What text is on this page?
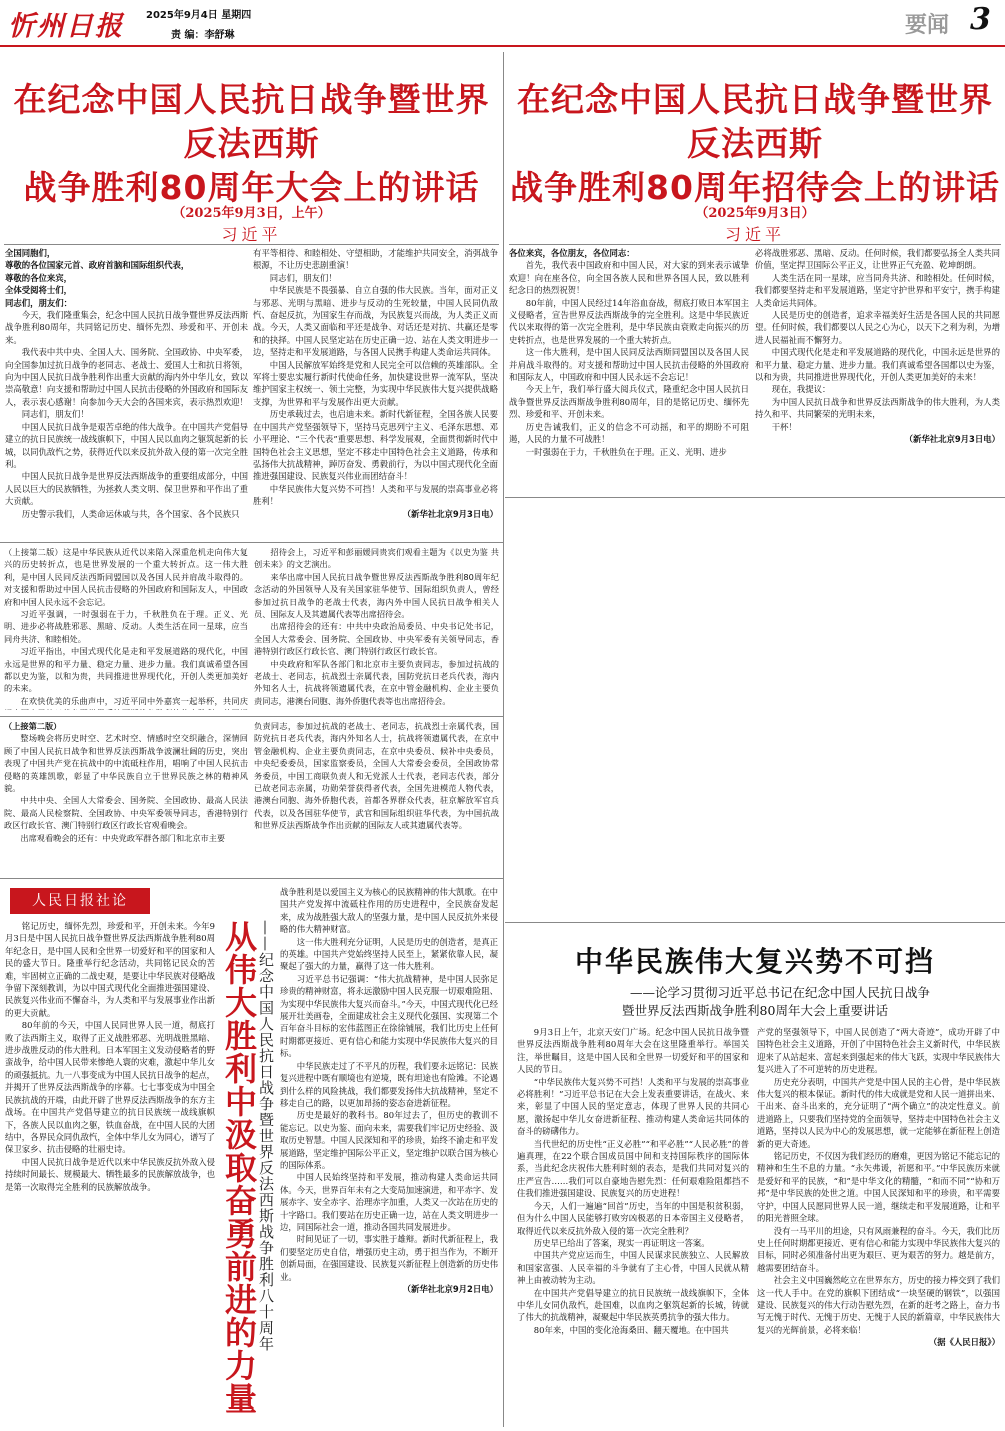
忻州日报 2025年9月4日 星期四
责 编：李舒琳	要闻 3
在纪念中国人民抗日战争暨世界反法西斯
战争胜利80周年大会上的讲话
（2025年9月3日，上午）
习近平

全国同胞们，

尊敬的各位国家元首、政府首脑和国际组织代表，

尊敬的各位来宾，

全体受阅将士们，

同志们，朋友们：

今天，我们隆重集会，纪念中国人民抗日战争暨世界反法西斯战争胜利80周年，共同铭记历史、缅怀先烈、珍爱和平、开创未来。

我代表中共中央、全国人大、国务院、全国政协、中央军委，向全国参加过抗日战争的老同志、老战士、爱国人士和抗日将领，向为中国人民抗日战争胜利作出重大贡献的海内外中华儿女，致以崇高敬意！向支援和帮助过中国人民抗击侵略的外国政府和国际友人，表示衷心感谢！向参加今天大会的各国来宾，表示热烈欢迎！

同志们，朋友们！

中国人民抗日战争是艰苦卓绝的伟大战争。在中国共产党倡导建立的抗日民族统一战线旗帜下，中国人民以血肉之躯筑起新的长城，以同仇敌忾之势，获得近代以来反抗外敌入侵的第一次完全胜利。

中国人民抗日战争是世界反法西斯战争的重要组成部分，中国人民以巨大的民族牺牲，为拯救人类文明、保卫世界和平作出了重大贡献。

历史警示我们，人类命运休戚与共，各个国家、各个民族只

有平等相待、和睦相处、守望相助，才能维护共同安全，消弭战争根源，不让历史悲剧重演！

同志们，朋友们！

中华民族是不畏强暴、自立自强的伟大民族。当年，面对正义与邪恶、光明与黑暗、进步与反动的生死较量，中国人民同仇敌忾、奋起反抗，为国家生存而战，为民族复兴而战，为人类正义而战。今天，人类又面临和平还是战争、对话还是对抗、共赢还是零和的抉择。中国人民坚定站在历史正确一边、站在人类文明进步一边，坚持走和平发展道路，与各国人民携手构建人类命运共同体。

中国人民解放军始终是党和人民完全可以信赖的英雄部队。全军将士要忠实履行新时代使命任务，加快建设世界一流军队，坚决维护国家主权统一、领土完整，为实现中华民族伟大复兴提供战略支撑，为世界和平与发展作出更大贡献。

历史承载过去，也启迪未来。新时代新征程，全国各族人民要在中国共产党坚强领导下，坚持马克思列宁主义、毛泽东思想、邓小平理论、“三个代表”重要思想、科学发展观，全面贯彻新时代中国特色社会主义思想，坚定不移走中国特色社会主义道路，传承和弘扬伟大抗战精神，踔厉奋发、勇毅前行，为以中国式现代化全面推进强国建设、民族复兴伟业而团结奋斗！

中华民族伟大复兴势不可挡！人类和平与发展的崇高事业必将胜利！

（新华社北京9月3日电）

在纪念中国人民抗日战争暨世界反法西斯
战争胜利80周年招待会上的讲话
（2025年9月3日）
习近平

各位来宾，各位朋友，各位同志：

首先，我代表中国政府和中国人民，对大家的到来表示诚挚欢迎！向在座各位，向全国各族人民和世界各国人民，致以胜利纪念日的热烈祝贺！

80年前，中国人民经过14年浴血奋战，彻底打败日本军国主义侵略者，宣告世界反法西斯战争的完全胜利。这是中华民族近代以来取得的第一次完全胜利，是中华民族由衰败走向振兴的历史转折点，也是世界发展的一个重大转折点。

这一伟大胜利，是中国人民同反法西斯同盟国以及各国人民并肩战斗取得的。对支援和帮助过中国人民抗击侵略的外国政府和国际友人，中国政府和中国人民永远不会忘记！

今天上午，我们举行盛大阅兵仪式，隆重纪念中国人民抗日战争暨世界反法西斯战争胜利80周年，目的是铭记历史、缅怀先烈、珍爱和平、开创未来。

历史告诫我们，正义的信念不可动摇，和平的期盼不可阻遏，人民的力量不可战胜！

一时强弱在于力，千秋胜负在于理。正义、光明、进步

必将战胜邪恶、黑暗、反动。任何时候，我们都要弘扬全人类共同价值，坚定捍卫国际公平正义，让世界正气充盈、乾坤朗朗。

人类生活在同一星球，应当同舟共济、和睦相处。任何时候，我们都要坚持走和平发展道路，坚定守护世界和平安宁，携手构建人类命运共同体。

人民是历史的创造者，追求幸福美好生活是各国人民的共同愿望。任何时候，我们都要以人民之心为心，以天下之利为利，为增进人民福祉而不懈努力。

中国式现代化是走和平发展道路的现代化，中国永远是世界的和平力量、稳定力量、进步力量。我们真诚希望各国都以史为鉴，以和为贵，共同推进世界现代化，开创人类更加美好的未来！

现在，我提议：

为中国人民抗日战争和世界反法西斯战争的伟大胜利，为人类持久和平、共同繁荣的光明未来，

干杯！

（新华社北京9月3日电）

（上接第二版）这是中华民族从近代以来陷入深重危机走向伟大复兴的历史转折点，也是世界发展的一个重大转折点。这一伟大胜利，是中国人民同反法西斯同盟国以及各国人民并肩战斗取得的。对支援和帮助过中国人民抗击侵略的外国政府和国际友人，中国政府和中国人民永远不会忘记。

习近平强调，一时强弱在于力，千秋胜负在于理。正义、光明、进步必将战胜邪恶、黑暗、反动。人类生活在同一星球，应当同舟共济、和睦相处。

习近平指出，中国式现代化是走和平发展道路的现代化，中国永远是世界的和平力量、稳定力量、进步力量。我们真诚希望各国都以史为鉴，以和为贵，共同推进世界现代化，开创人类更加美好的未来。

在欢快优美的乐曲声中，习近平同中外嘉宾一起举杯，共同庆

招待会上，习近平和彭丽媛同贵宾们观看主题为《以史为鉴 共创未来》的文艺演出。

来华出席中国人民抗日战争暨世界反法西斯战争胜利80周年纪念活动的外国领导人及有关国家驻华使节、国际组织负责人，曾经参加过抗日战争的老战士代表，海内外中国人民抗日战争相关人员、国际友人及其遗属代表等出席招待会。

出席招待会的还有：中共中央政治局委员、中央书记处书记，全国人大常委会、国务院、全国政协、中央军委有关领导同志，香港特别行政区行政长官、澳门特别行政区行政长官。

中央政府和军队各部门和北京市主要负责同志，参加过抗战的老战士、老同志，抗战烈士亲属代表，国防党抗日老兵代表，海内外知名人士，抗战将领遗属代表，在京中管金融机构、企业主要负责同志，港澳台同胞、海外侨胞代表等也出席招待会。

（上接第二版）

整场晚会将历史时空、艺术时空、情感时空交织融合，深情回顾了中国人民抗日战争和世界反法西斯战争波澜壮阔的历史，突出表现了中国共产党在抗战中的中流砥柱作用，唱响了中国人民抗击侵略的英雄凯歌，彰显了中华民族自立于世界民族之林的精神风貌。

中共中央、全国人大常委会、国务院、全国政协、最高人民法院、最高人民检察院、全国政协、中央军委领导同志，香港特别行政区行政长官、澳门特别行政区行政长官观看晚会。

出席观看晚会的还有：中央党政军群各部门和北京市主要

负责同志，参加过抗战的老战士、老同志，抗战烈士亲属代表，国防党抗日老兵代表，海内外知名人士，抗战将领遗属代表，在京中管金融机构、企业主要负责同志，在京中央委员、候补中央委员，中央纪委委员，国家监察委员，全国人大常委会委员，全国政协常务委员，中国工商联负责人和无党派人士代表，老同志代表，部分已故老同志亲属，功勋荣誉获得者代表，全国先进模范人物代表，港澳台同胞、海外侨胞代表，首都各界群众代表，驻京解放军官兵代表，以及各国驻华使节，武官和国际组织驻华代表，为中国抗战和世界反法西斯战争作出贡献的国际友人或其遗属代表等。

人民日报社论

铭记历史，缅怀先烈，珍爱和平，开创未来。今年9月3日是中国人民抗日战争暨世界反法西斯战争胜利80周年纪念日，是中国人民和全世界一切爱好和平的国家和人民的盛大节日。隆重举行纪念活动，共同铭记民众的苦难，牢固树立正确的二战史观，是要让中华民族对侵略战争留下深刻教训，为以中国式现代化全面推进强国建设、民族复兴伟业而不懈奋斗，为人类和平与发展事业作出新的更大贡献。

80年前的今天，中国人民同世界人民一道，彻底打败了法西斯主义，取得了正义战胜邪恶、光明战胜黑暗、进步战胜反动的伟大胜利。日本军国主义发动侵略者的野蛮战争，给中国人民带来惨绝人寰的灾难，激起中华儿女的顽强抵抗。九一八事变成为中国人民抗日战争的起点，并揭开了世界反法西斯战争的序幕。七七事变成为中国全民族抗战的开端，由此开辟了世界反法西斯战争的东方主战场。在中国共产党倡导建立的抗日民族统一战线旗帜下，各族人民以血肉之躯，铁血奋战，在中国人民的大团结中，各界民众同仇敌忾，全体中华儿女为同心，谱写了保卫家乡、抗击侵略的壮丽史诗。

中国人民抗日战争是近代以来中华民族反抗外敌入侵持续时间最长、规模最大、牺牲最多的民族解放战争，也是第一次取得完全胜利的民族解放战争。	从伟大胜利中汲取奋勇前进的力量 ——纪念中国人民抗日战争暨世界反法西斯战争胜利八十周年

战争胜利是以爱国主义为核心的民族精神的伟大凯歌。在中国共产党发挥中流砥柱作用的历史进程中，全民族奋发起来，成为战胜强大敌人的坚强力量，是中国人民反抗外来侵略的伟大精神财富。

这一伟大胜利充分证明，人民是历史的创造者，是真正的英雄。中国共产党始终坚持人民至上，紧紧依靠人民，凝聚起了强大的力量，赢得了这一伟大胜利。

习近平总书记强调：“伟大抗战精神，是中国人民弥足珍贵的精神财富，将永远激励中国人民克服一切艰难险阻、为实现中华民族伟大复兴而奋斗。”今天，中国式现代化已经展开壮美画卷，全面建成社会主义现代化强国、实现第二个百年奋斗目标的宏伟蓝图正在徐徐铺展，我们比历史上任何时期都更接近、更有信心和能力实现中华民族伟大复兴的目标。

中华民族走过了不平凡的历程，我们要永远铭记：民族复兴进程中既有顺境也有逆境，既有坦途也有险滩。不论遇到什么样的风险挑战，我们都要发扬伟大抗战精神，坚定不移走自己的路，以更加昂扬的姿态奋进新征程。

历史是最好的教科书。80年过去了，但历史的教训不能忘记。以史为鉴、面向未来，需要我们牢记历史经验、汲取历史智慧。中国人民深知和平的珍贵，始终不渝走和平发展道路，坚定维护国际公平正义，坚定维护以联合国为核心的国际体系。

中国人民始终坚持和平发展，推动构建人类命运共同体。今天，世界百年未有之大变局加速演进，和平赤字、发展赤字、安全赤字、治理赤字加重，人类又一次站在历史的十字路口。我们要站在历史正确一边，站在人类文明进步一边，同国际社会一道，推动各国共同发展进步。

时间见证了一切，事实胜于雄辩。新时代新征程上，我们要坚定历史自信，增强历史主动，勇于担当作为，不断开创新局面，在强国建设、民族复兴新征程上创造新的历史伟业。

（新华社北京9月2日电）

中华民族伟大复兴势不可挡
——论学习贯彻习近平总书记在纪念中国人民抗日战争
暨世界反法西斯战争胜利80周年大会上重要讲话

9月3日上午，北京天安门广场。纪念中国人民抗日战争暨世界反法西斯战争胜利80周年大会在这里隆重举行。举国关注，举世瞩目，这是中国人民和全世界一切爱好和平的国家和人民的节日。

“中华民族伟大复兴势不可挡！人类和平与发展的崇高事业必将胜利！”习近平总书记在大会上发表重要讲话，在战火、来来，彰显了中国人民的坚定意志，体现了世界人民的共同心愿，激扬起中华儿女奋进新征程、推动构建人类命运共同体的奋斗的磅礴伟力。

当代世纪的历史性“正义必胜”“和平必胜”“人民必胜”的普遍真理，在22个联合国成员国中间和支持国际秩序的国际体系，当此纪念庆祝伟大胜利时刻的表态，是我们共同对复兴的庄严宣告……我们可以自豪地告慰先烈：任何艰难险阻都挡不住我们推进强国建设、民族复兴的历史进程！

今天，人们一遍遍“回首”历史，当年的中国是积贫积弱，但为什么中国人民能够打败穷凶极恶的日本帝国主义侵略者，取得近代以来反抗外敌入侵的第一次完全胜利？

历史早已给出了答案，现实一再证明这一答案。

中国共产党应运而生，中国人民谋求民族独立、人民解放和国家富强、人民幸福的斗争就有了主心骨，中国人民就从精神上由被动转为主动。

在中国共产党倡导建立的抗日民族统一战线旗帜下，全体中华儿女同仇敌忾，赴国难，以血肉之躯筑起新的长城，铸就了伟大的抗战精神，凝聚起中华民族英勇抗争的强大伟力。

80年来，中国的变化沧海桑田、翻天覆地。在中国共

产党的坚强领导下，中国人民创造了“两大奇迹”，成功开辟了中国特色社会主义道路，开创了中国特色社会主义新时代，中华民族迎来了从站起来、富起来到强起来的伟大飞跃，实现中华民族伟大复兴进入了不可逆转的历史进程。

历史充分表明，中国共产党是中国人民的主心骨，是中华民族伟大复兴的根本保证。新时代的伟大成就是党和人民一道拼出来、干出来、奋斗出来的，充分证明了“两个确立”的决定性意义。前进道路上，只要我们坚持党的全面领导，坚持走中国特色社会主义道路，坚持以人民为中心的发展思想，就一定能够在新征程上创造新的更大奇迹。

铭记历史，不仅因为我们经历的磨难，更因为铭记不能忘记的精神和生生不息的力量。“永矢弗谖，祈愿和平。”中华民族历来就是爱好和平的民族，“和”是中华文化的精髓，“和而不同”“协和万邦”是中华民族的处世之道。中国人民深知和平的珍贵，和平需要守护，中国人民愿同世界人民一道，继续走和平发展道路，让和平的阳光普照全球。

没有一马平川的坦途，只有风雨兼程的奋斗。今天，我们比历史上任何时期都更接近、更有信心和能力实现中华民族伟大复兴的目标，同时必须准备付出更为艰巨、更为艰苦的努力。越是前方，越需要团结奋斗。

社会主义中国巍然屹立在世界东方，历史的接力棒交到了我们这一代人手中。在党的旗帜下团结成“一块坚硬的钢铁”，以强国建设、民族复兴的伟大行动告慰先烈，在新的赶考之路上，奋力书写无愧于时代、无愧于历史、无愧于人民的新篇章，中华民族伟大复兴的光辉前景，必将来临！

（据《人民日报》）
